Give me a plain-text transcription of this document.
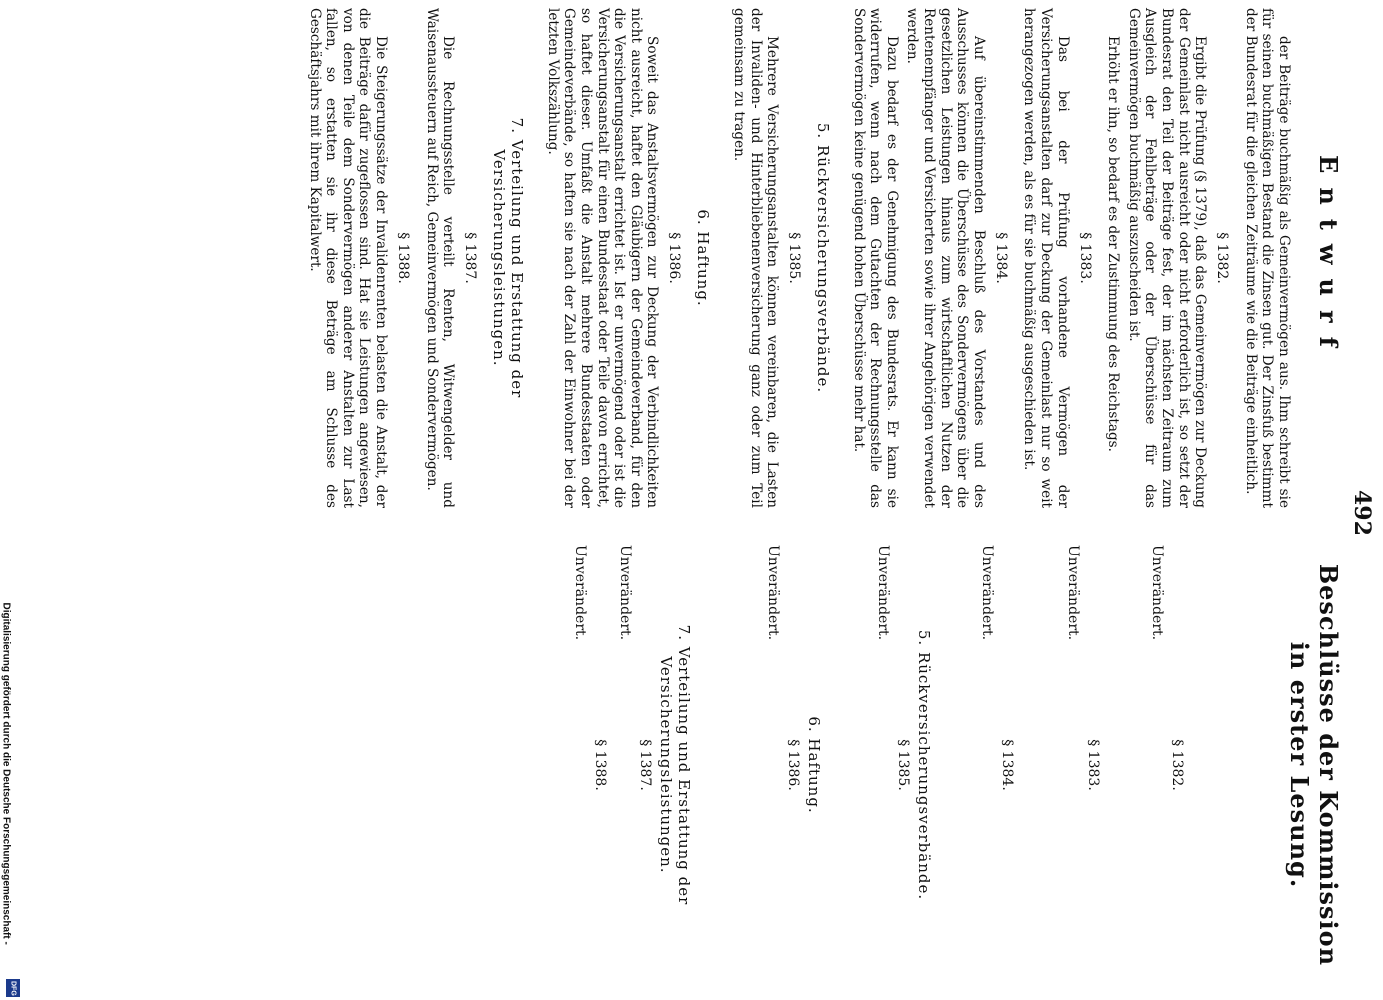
492
Entwurf
der Beiträge buchmäßig als Gemeinvermögen aus. Ihm schreibt sie für seinen buchmäßigen Bestand die Zinsen gut. Der Zinsfuß bestimmt der Bundesrat für die gleichen Zeiträume wie die Beiträge einheitlich.
§ 1382.
Ergibt die Prüfung (§ 1379), daß das Gemeinvermögen zur Deckung der Gemeinlast nicht ausreicht oder nicht erforderlich ist, so setzt der Bundesrat den Teil der Beiträge fest, der im nächsten Zeitraum zum Ausgleich der Fehlbeträge oder der Überschüsse für das Gemeinvermögen buchmäßig auszuscheiden ist.
Erhöht er ihn, so bedarf es der Zustimmung des Reichstags.
§ 1383.
Das bei der Prüfung vorhandene Vermögen der Versicherungsanstalten darf zur Deckung der Gemeinlast nur so weit herangezogen werden, als es für sie buchmäßig ausgeschieden ist.
§ 1384.
Auf übereinstimmenden Beschluß des Vorstandes und des Ausschusses können die Überschüsse des Sondervermögens über die gesetzlichen Leistungen hinaus zum wirtschaftlichen Nutzen der Rentenempfänger und Versicherten sowie ihrer Angehörigen verwendet werden.
Dazu bedarf es der Genehmigung des Bundesrats. Er kann sie widerrufen, wenn nach dem Gutachten der Rechnungsstelle das Sondervermögen keine genügend hohen Überschüsse mehr hat.
5. Rückversicherungsverbände.
§ 1385.
Mehrere Versicherungsanstalten können vereinbaren, die Lasten der Invaliden- und Hinterbliebenenversicherung ganz oder zum Teil gemeinsam zu tragen.
6. Haftung.
§ 1386.
Soweit das Anstaltsvermögen zur Deckung der Verbindlichkeiten nicht ausreicht, haftet den Gläubigern der Gemeindeverband, für den die Versicherungsanstalt errichtet ist. Ist er unvermögend oder ist die Versicherungsanstalt für einen Bundesstaat oder Teile davon errichtet, so haftet dieser. Umfaßt die Anstalt mehrere Bundesstaaten oder Gemeindeverbände, so haften sie nach der Zahl der Einwohner bei der letzten Volkszählung.
7. Verteilung und Erstattung der Versicherungsleistungen.
§ 1387.
Die Rechnungsstelle verteilt Renten, Witwengelder und Waisenaussteuern auf Reich, Gemeinvermögen und Sondervermögen.
§ 1388.
Die Steigerungssätze der Invalidenrenten belasten die Anstalt, der die Beiträge dafür zugeflossen sind. Hat sie Leistungen angewiesen, von denen Teile dem Sondervermögen anderer Anstalten zur Last fallen, so erstatten sie ihr diese Beträge am Schlusse des Geschäftsjahrs mit ihrem Kapitalwert.
Beschlüsse der Kommission in erster Lesung.
§ 1382.
Unverändert.
§ 1383.
Unverändert.
§ 1384.
Unverändert.
5. Rückversicherungsverbände.
§ 1385.
Unverändert.
6. Haftung.
§ 1386.
Unverändert.
7. Verteilung und Erstattung der Versicherungsleistungen.
§ 1387.
Unverändert.
§ 1388.
Unverändert.
Digitalisierung gefördert durch die Deutsche Forschungsgemeinschaft -
DFG
